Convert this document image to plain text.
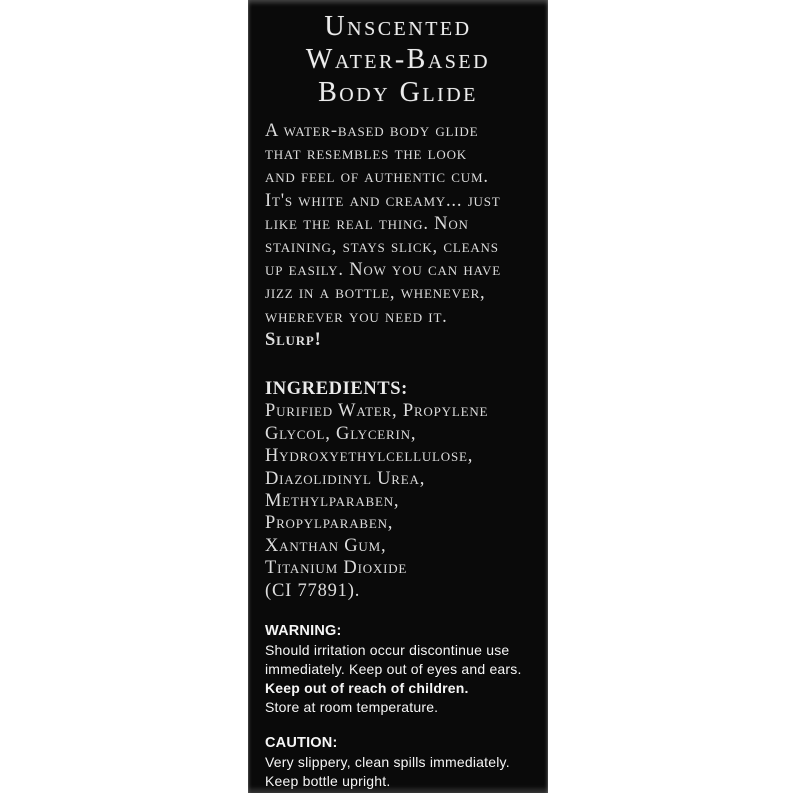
Unscented
Water-Based
Body Glide

A water-based body glide
that resembles the look
and feel of authentic cum.
It's white and creamy... just
like the real thing. Non
staining, stays slick, cleans
up easily. Now you can have
jizz in a bottle, whenever,
wherever you need it.
Slurp!

INGREDIENTS:

Purified Water, Propylene
Glycol, Glycerin,
Hydroxyethylcellulose,
Diazolidinyl Urea,
Methylparaben,
Propylparaben,
Xanthan Gum,
Titanium Dioxide
(CI 77891).

WARNING:

Should irritation occur discontinue use
immediately. Keep out of eyes and ears.
Keep out of reach of children.
Store at room temperature.

CAUTION:

Very slippery, clean spills immediately.
Keep bottle upright.
